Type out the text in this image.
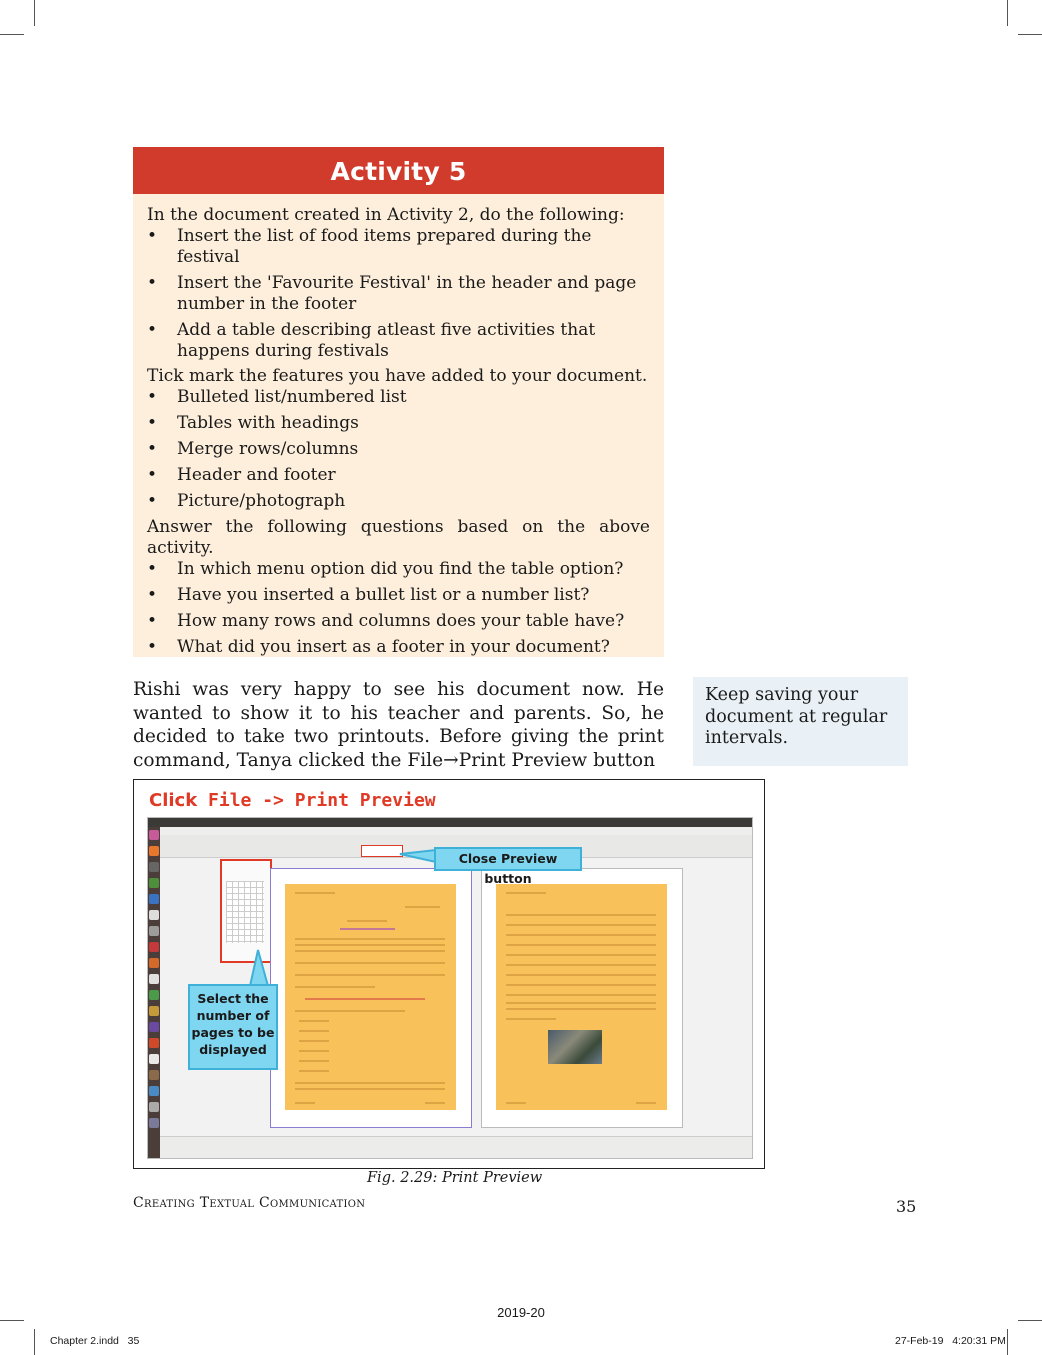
Activity 5

In the document created in Activity 2, do the following:

• Insert the list of food items prepared during the festival
• Insert the 'Favourite Festival' in the header and page number in the footer
• Add a table describing atleast five activities that happens during festivals

Tick mark the features you have added to your document.

• Bulleted list/numbered list
• Tables with headings
• Merge rows/columns
• Header and footer
• Picture/photograph

Answer the following questions based on the above

activity.

• In which menu option did you find the table option?
• Have you inserted a bullet list or a number list?
• How many rows and columns does your table have?
• What did you insert as a footer in your document?
Rishi was very happy to see his document now. He wanted to show it to his teacher and parents. So, he decided to take two printouts. Before giving the print command, Tanya clicked the File→Print Preview button
Keep saving your document at regular intervals.
Click File -> Print Preview
Close Preview button
Select the number of pages to be displayed
Fig. 2.29: Print Preview
Creating Textual Communication	35
2019-20
Chapter 2.indd   35	27-Feb-19   4:20:31 PM
